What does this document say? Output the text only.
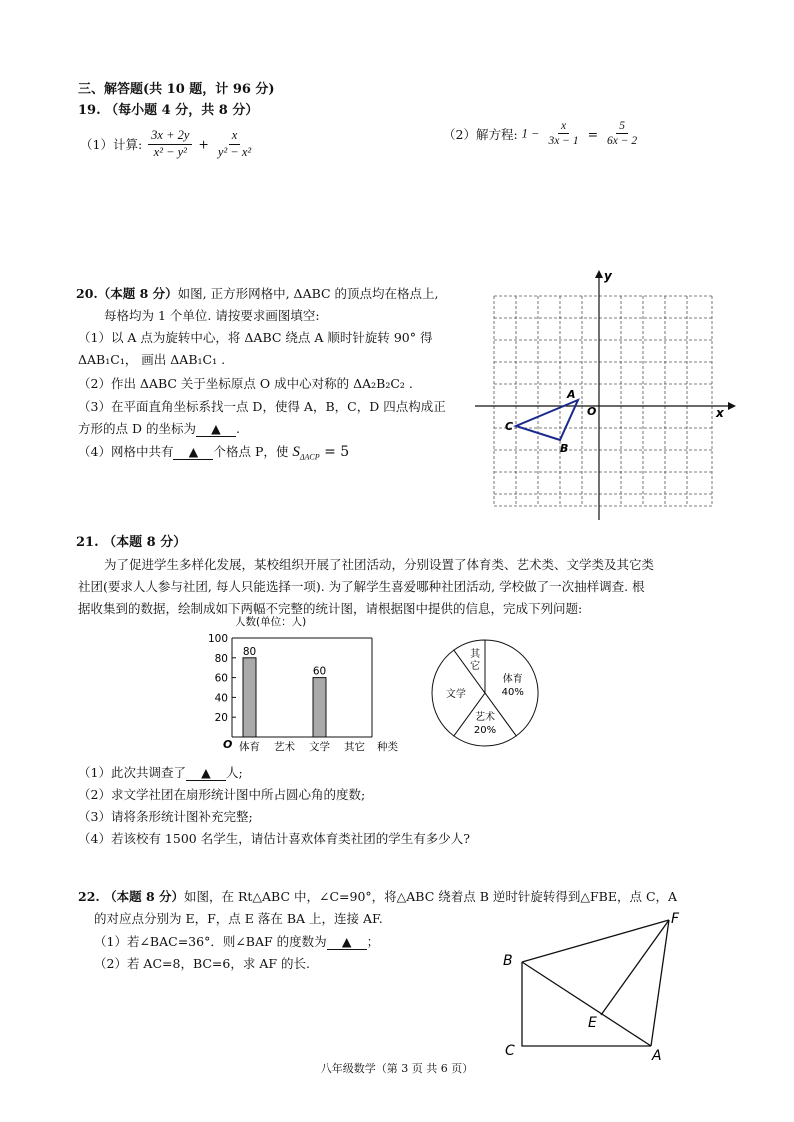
三、解答题(共 10 题，计 96 分)
19. （每小题 4 分，共 8 分）
（1）计算: $\frac{3x + 2y}{\text{x² − y²}} + \frac{x}{\text{y² − x²}}$	（2）解方程: $1 - \frac{x}{3x - 1} = \frac{5}{6x - 2}$
20.（本题 8 分）如图, 正方形网格中, ΔABC 的顶点均在格点上,
每格均为 1 个单位. 请按要求画图填空:
（1）以 A 点为旋转中心，将 ΔABC 绕点 A 顺时针旋转 90° 得
ΔAB₁C₁， 画出 ΔAB₁C₁ .
（2）作出 ΔABC 关于坐标原点 O 成中心对称的 ΔA₂B₂C₂ .
（3）在平面直角坐标系找一点 D，使得 A，B，C，D 四点构成正
方形的点 D 的坐标为 ▲ .
（4）网格中共有 ▲ 个格点 P，使 $S_{\Delta ACP} = 5$
x
y
A
B
C
O
21. （本题 8 分）
为了促进学生多样化发展，某校组织开展了社团活动，分别设置了体育类、艺术类、文学类及其它类
社团(要求人人参与社团, 每人只能选择一项). 为了解学生喜爱哪种社团活动, 学校做了一次抽样调查. 根
据收集到的数据，绘制成如下两幅不完整的统计图，请根据图中提供的信息，完成下列问题:
人数(单位：人)
20
40
60
80
100
体育
80
艺术 文学
60
其它
O	种类
体育
40%
艺术
20%
文学
其
它
（1）此次共调查了 ▲ 人;
（2）求文学社团在扇形统计图中所占圆心角的度数;
（3）请将条形统计图补充完整;
（4）若该校有 1500 名学生，请估计喜欢体育类社团的学生有多少人?
22. （本题 8 分）如图，在 Rt△ABC 中，∠C=90°，将△ABC 绕着点 B 逆时针旋转得到△FBE，点 C，A
的对应点分别为 E，F，点 E 落在 BA 上，连接 AF.
（1）若∠BAC=36°．则∠BAF 的度数为 ▲ ；
（2）若 AC=8，BC=6，求 AF 的长.	B
C	A
E
F
八年级数学（第 3 页 共 6 页）
